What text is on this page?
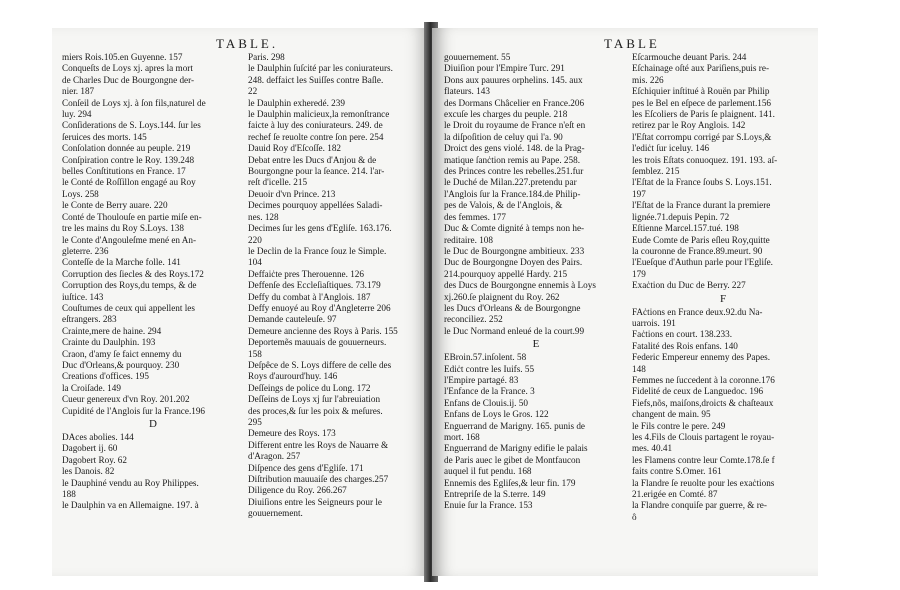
TABLE.
miers Rois.105.en Guyenne. 157
Conqueſts de Loys xj. apres la mort
de Charles Duc de Bourgongne der-
nier. 187
Conſeil de Loys xj. à ſon fils,naturel de
luy. 294
Conſiderations de S. Loys.144. ſur les
ſeruices des morts. 145
Conſolation donnée au peuple. 219
Conſpiration contre le Roy. 139.248
belles Conſtitutions en France. 17
le Conté de Roſſillon engagé au Roy
Loys. 258
le Conte de Berry auare. 220
Conté de Thoulouſe en partie miſe en-
tre les mains du Roy S.Loys. 138
le Conte d'Angouleſme mené en An-
gleterre. 236
Conteſſe de la Marche folle. 141
Corruption des ſiecles & des Roys.172
Corruption des Roys,du temps, & de
iuſtice. 143
Couſtumes de ceux qui appellent les
eſtrangers. 283
Crainte,mere de haine. 294
Crainte du Daulphin. 193
Craon, d'amy ſe faict ennemy du
Duc d'Orleans,& pourquoy. 230
Creations d'offices. 195
la Croiſade. 149
Cueur genereux d'vn Roy. 201.202
Cupidité de l'Anglois ſur la France.196
D
DAces abolies. 144
Dagobert ij. 60
Dagobert Roy. 62
les Danois. 82
le Dauphiné vendu au Roy Philippes.
188
le Daulphin va en Allemaigne. 197. à
Paris. 298
le Daulphin ſuſcité par les coniurateurs.
248. deffaict les Suiſſes contre Baſle.
22
le Daulphin exheredé. 239
le Daulphin malicieux,la remonſtrance
faicte à luy des coniurateurs. 249. de
rechef ſe reuolte contre ſon pere. 254
Dauid Roy d'Eſcoſſe. 182
Debat entre les Ducs d'Anjou & de
Bourgongne pour la ſeance. 214. l'ar-
reſt d'icelle. 215
Deuoir d'vn Prince. 213
Decimes pourquoy appellées Saladi-
nes. 128
Decimes ſur les gens d'Egliſe. 163.176.
220
le Declin de la France ſouz le Simple.
104
Deffaiċte pres Therouenne. 126
Deffenſe des Eccleſiaſtiques. 73.179
Deffy du combat à l'Anglois. 187
Deffy enuoyé au Roy d'Angleterre 206
Demande cauteleuſe. 97
Demeure ancienne des Roys à Paris. 155
Deportemẽs mauuais de gouuerneurs.
158
Deſpêce de S. Loys differe de celle des
Roys d'aurourd'huy. 146
Deſſeings de police du Long. 172
Deſſeins de Loys xj ſur l'abreuiation
des proces,& ſur les poix & meſures.
295
Demeure des Roys. 173
Different entre les Roys de Nauarre &
d'Aragon. 257
Diſpence des gens d'Egliſe. 171
Diſtribution mauuaiſe des charges.257
Diligence du Roy. 266.267
Diuiſions entre les Seigneurs pour le
gouuernement.
TABLE
gouuernement. 55
Diuiſion pour l'Empire Turc. 291
Dons aux pauures orphelins. 145. aux
flateurs. 143
des Dormans Châcelier en France.206
excuſe les charges du peuple. 218
le Droit du royaume de France n'eſt en
la diſpoſition de celuy qui l'a. 90
Droict des gens violé. 148. de la Prag-
matique ſanċtion remis au Pape. 258.
des Princes contre les rebelles.251.fur
le Duché de Milan.227.pretendu par
l'Anglois ſur la France.184.de Philip-
pes de Valois, & de l'Anglois, &
des femmes. 177
Duc & Comte dignité à temps non he-
reditaire. 108
le Duc de Bourgongne ambitieux. 233
Duc de Bourgongne Doyen des Pairs.
214.pourquoy appellé Hardy. 215
des Ducs de Bourgongne ennemis à Loys
xj.260.ſe plaignent du Roy. 262
les Ducs d'Orleans & de Bourgongne
reconciliez. 252
le Duc Normand enleué de la court.99
E
EBroin.57.inſolent. 58
Ediċt contre les Iuifs. 55
l'Empire partagé. 83
l'Enfance de la France. 3
Enfans de Clouis.ij. 50
Enfans de Loys le Gros. 122
Enguerrand de Marigny. 165. punis de
mort. 168
Enguerrand de Marigny edifie le palais
de Paris auec le gibet de Montfaucon
auquel il fut pendu. 168
Ennemis des Egliſes,& leur fin. 179
Entrepriſe de la S.terre. 149
Enuie ſur la France. 153
Eſcarmouche deuant Paris. 244
Eſchainage oſté aux Pariſiens,puis re-
mis. 226
Eſchiquier inſtitué à Rouën par Philip
pes le Bel en eſpece de parlement.156
les Eſcoliers de Paris ſe plaignent. 141.
retirez par le Roy Anglois. 142
l'Eſtat corrompu corrigé par S.Loys,&
l'ediċt ſur iceluy. 146
les trois Eſtats conuoquez. 191. 193. aſ-
ſemblez. 215
l'Eſtat de la France ſoubs S. Loys.151.
197
l'Eſtat de la France durant la premiere
lignée.71.depuis Pepin. 72
Eſtienne Marcel.157.tué. 198
Eude Comte de Paris eſleu Roy,quitte
la couronne de France.89.meurt. 90
l'Eueſque d'Authun parle pour l'Egliſe.
179
Exaċtion du Duc de Berry. 227
F
FAċtions en France deux.92.du Na-
uarrois. 191
Faċtions en court. 138.233.
Fatalité des Rois enfans. 140
Federic Empereur ennemy des Papes.
148
Femmes ne ſuccedent à la coronne.176
Fidelité de ceux de Languedoc. 196
Fiefs,nõs, maiſons,droicts & chaſteaux
changent de main. 95
le Fils contre le pere. 249
les 4.Fils de Clouis partagent le royau-
mes. 40.41
les Flamens contre leur Comte.178.ſe f
faits contre S.Omer. 161
la Flandre ſe reuolte pour les exaċtions
21.erigée en Comté. 87
la Flandre conquiſe par guerre, & re-
ô
